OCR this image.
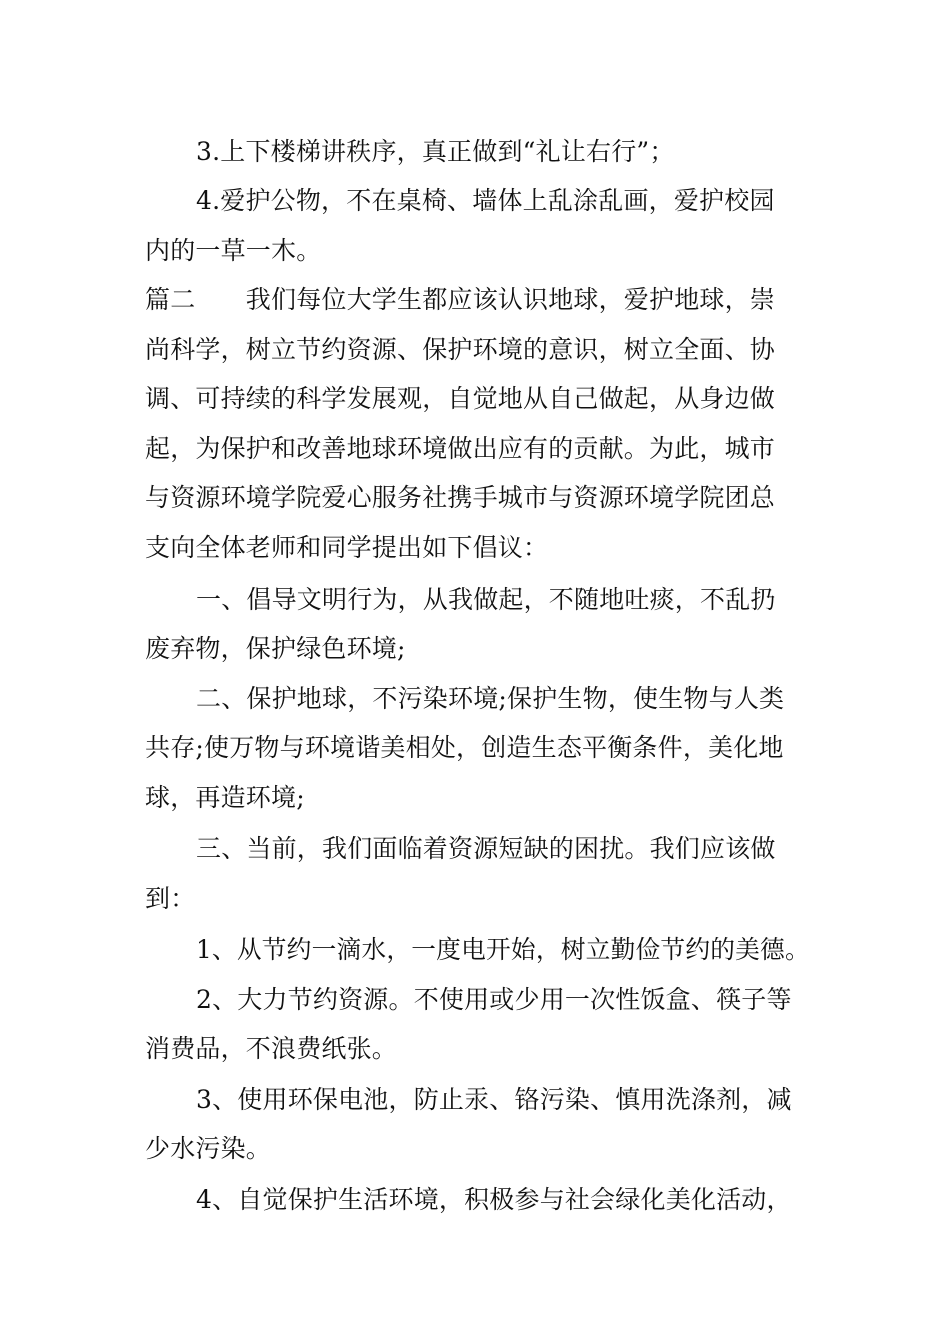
3.上下楼梯讲秩序，真正做到“礼让右行”；
4.爱护公物，不在桌椅、墙体上乱涂乱画，爱护校园
内的一草一木。
篇二　　我们每位大学生都应该认识地球，爱护地球，崇
尚科学，树立节约资源、保护环境的意识，树立全面、协
调、可持续的科学发展观，自觉地从自己做起，从身边做
起，为保护和改善地球环境做出应有的贡献。为此，城市
与资源环境学院爱心服务社携手城市与资源环境学院团总
支向全体老师和同学提出如下倡议：
一、倡导文明行为，从我做起，不随地吐痰，不乱扔
废弃物，保护绿色环境;
二、保护地球，不污染环境;保护生物，使生物与人类
共存;使万物与环境谐美相处，创造生态平衡条件，美化地
球，再造环境;
三、当前，我们面临着资源短缺的困扰。我们应该做
到：
1、从节约一滴水，一度电开始，树立勤俭节约的美德。
2、大力节约资源。不使用或少用一次性饭盒、筷子等
消费品，不浪费纸张。
3、使用环保电池，防止汞、铬污染、慎用洗涤剂，减
少水污染。
4、自觉保护生活环境，积极参与社会绿化美化活动，
